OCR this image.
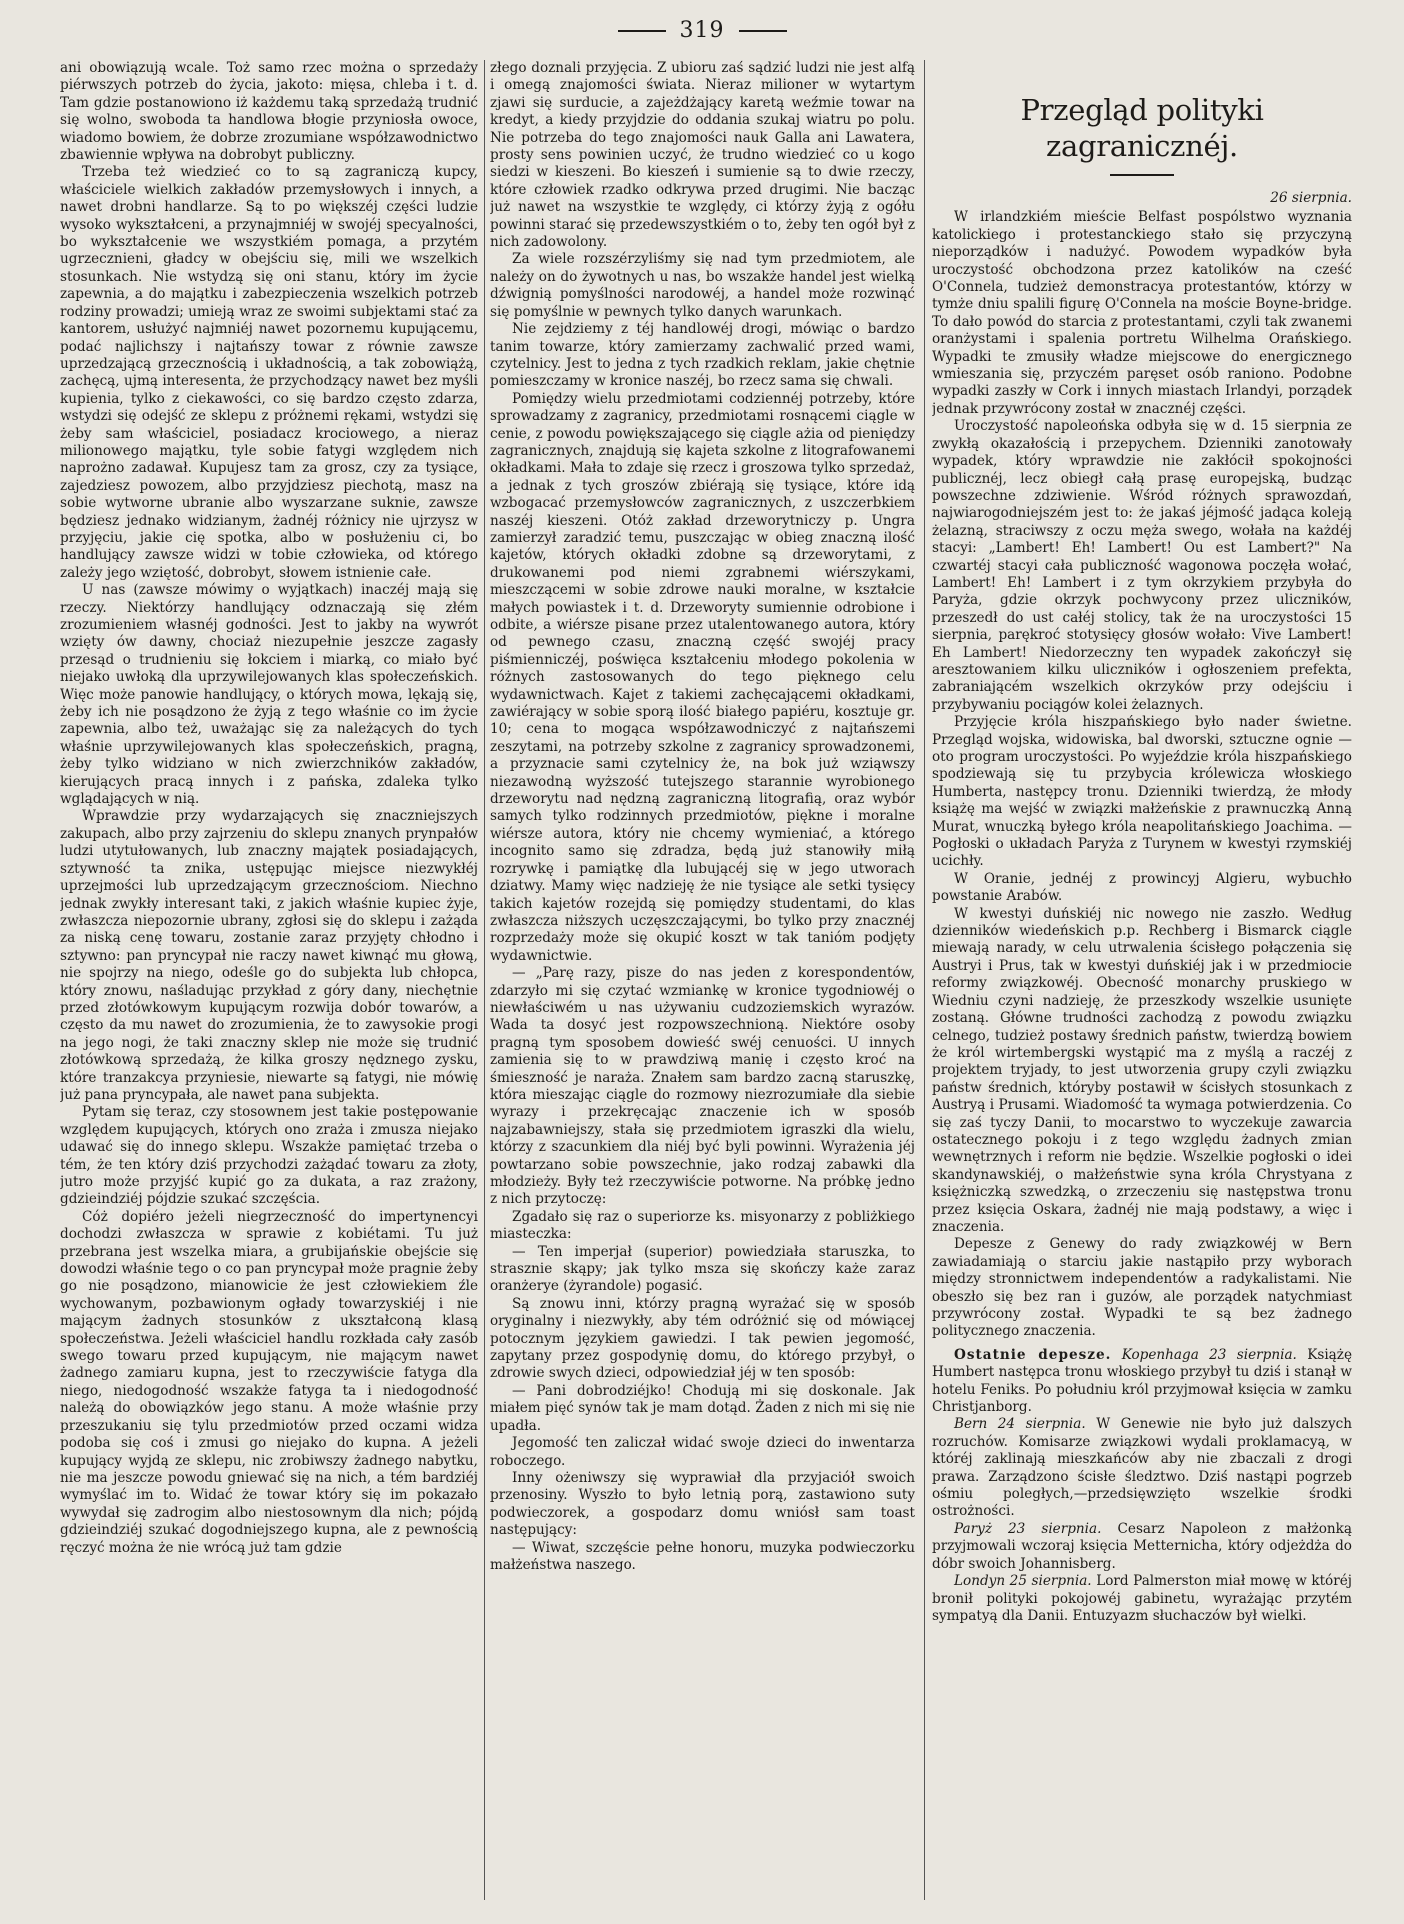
319

ani obowiązują wcale. Toż samo rzec można o sprzedaży piérwszych potrzeb do życia, jakoto: mięsa, chleba i t. d. Tam gdzie postanowiono iż każdemu taką sprzedażą trudnić się wolno, swoboda ta handlowa błogie przyniosła owoce, wiadomo bowiem, że dobrze zrozumiane współzawodnictwo zbawiennie wpływa na dobrobyt publiczny.

Trzeba też wiedzieć co to są zagraniczą kupcy, właściciele wielkich zakładów przemysłowych i innych, a nawet drobni handlarze. Są to po większéj części ludzie wysoko wykształceni, a przynajmniéj w swojéj specyalności, bo wykształcenie we wszystkiém pomaga, a przytém ugrzecznieni, gładcy w obejściu się, mili we wszelkich stosunkach. Nie wstydzą się oni stanu, który im życie zapewnia, a do majątku i zabezpieczenia wszelkich potrzeb rodziny prowadzi; umieją wraz ze swoimi subjektami stać za kantorem, usłużyć najmniéj nawet pozornemu kupującemu, podać najlichszy i najtańszy towar z równie zawsze uprzedzającą grzecznością i układnością, a tak zobowiążą, zachęcą, ujmą interesenta, że przychodzący nawet bez myśli kupienia, tylko z ciekawości, co się bardzo często zdarza, wstydzi się odejść ze sklepu z próżnemi rękami, wstydzi się żeby sam właściciel, posiadacz krociowego, a nieraz milionowego majątku, tyle sobie fatygi względem nich naprożno zadawał. Kupujesz tam za grosz, czy za tysiące, zajedziesz powozem, albo przyjdziesz piechotą, masz na sobie wytworne ubranie albo wyszarzane suknie, zawsze będziesz jednako widzianym, żadnéj różnicy nie ujrzysz w przyjęciu, jakie cię spotka, albo w posłużeniu ci, bo handlujący zawsze widzi w tobie człowieka, od którego zależy jego wziętość, dobrobyt, słowem istnienie całe.

U nas (zawsze mówimy o wyjątkach) inaczéj mają się rzeczy. Niektórzy handlujący odznaczają się złém zrozumieniem własnéj godności. Jest to jakby na wywrót wzięty ów dawny, chociaż niezupełnie jeszcze zagasły przesąd o trudnieniu się łokciem i miarką, co miało być niejako uwłoką dla uprzywilejowanych klas społeczeńskich. Więc może panowie handlujący, o których mowa, lękają się, żeby ich nie posądzono że żyją z tego właśnie co im życie zapewnia, albo też, uważając się za należących do tych właśnie uprzywilejowanych klas społeczeńskich, pragną, żeby tylko widziano w nich zwierzchników zakładów, kierujących pracą innych i z pańska, zdaleka tylko wglądających w nią.

Wprawdzie przy wydarzających się znaczniejszych zakupach, albo przy zajrzeniu do sklepu znanych prynpałów ludzi utytułowanych, lub znaczny majątek posiadających, sztywność ta znika, ustępując miejsce niezwykłéj uprzejmości lub uprzedzającym grzecznościom. Niechno jednak zwykły interesant taki, z jakich właśnie kupiec żyje, zwłaszcza niepozornie ubrany, zgłosi się do sklepu i zażąda za niską cenę towaru, zostanie zaraz przyjęty chłodno i sztywno: pan pryncypał nie raczy nawet kiwnąć mu głową, nie spojrzy na niego, odeśle go do subjekta lub chłopca, który znowu, naśladując przykład z góry dany, niechętnie przed złotówkowym kupującym rozwija dobór towarów, a często da mu nawet do zrozumienia, że to zawysokie progi na jego nogi, że taki znaczny sklep nie może się trudnić złotówkową sprzedażą, że kilka groszy nędznego zysku, które tranzakcya przyniesie, niewarte są fatygi, nie mówię już pana pryncypała, ale nawet pana subjekta.

Pytam się teraz, czy stosownem jest takie postępowanie względem kupujących, których ono zraża i zmusza niejako udawać się do innego sklepu. Wszakże pamiętać trzeba o tém, że ten który dziś przychodzi zażądać towaru za złoty, jutro może przyjść kupić go za dukata, a raz zrażony, gdzieindziéj pójdzie szukać szczęścia.

Cóż dopiéro jeżeli niegrzeczność do impertynencyi dochodzi zwłaszcza w sprawie z kobiétami. Tu już przebrana jest wszelka miara, a grubijańskie obejście się dowodzi właśnie tego o co pan pryncypał może pragnie żeby go nie posądzono, mianowicie że jest człowiekiem źle wychowanym, pozbawionym ogłady towarzyskiéj i nie mającym żadnych stosunków z ukształconą klasą społeczeństwa. Jeżeli właściciel handlu rozkłada cały zasób swego towaru przed kupującym, nie mającym nawet żadnego zamiaru kupna, jest to rzeczywiście fatyga dla niego, niedogodność wszakże fatyga ta i niedogodność należą do obowiązków jego stanu. A może właśnie przy przeszukaniu się tylu przedmiotów przed oczami widza podoba się coś i zmusi go niejako do kupna. A jeżeli kupujący wyjdą ze sklepu, nic zrobiwszy żadnego nabytku, nie ma jeszcze powodu gniewać się na nich, a tém bardziéj wymyślać im to. Widać że towar który się im pokazało wywydał się zadrogim albo niestosownym dla nich; pójdą gdzieindziéj szukać dogodniejszego kupna, ale z pewnością ręczyć można że nie wrócą już tam gdzie

złego doznali przyjęcia. Z ubioru zaś sądzić ludzi nie jest alfą i omegą znajomości świata. Nieraz milioner w wytartym zjawi się surducie, a zajeżdżający karetą weźmie towar na kredyt, a kiedy przyjdzie do oddania szukaj wiatru po polu. Nie potrzeba do tego znajomości nauk Galla ani Lawatera, prosty sens powinien uczyć, że trudno wiedzieć co u kogo siedzi w kieszeni. Bo kieszeń i sumienie są to dwie rzeczy, które człowiek rzadko odkrywa przed drugimi. Nie bacząc już nawet na wszystkie te względy, ci którzy żyją z ogółu powinni starać się przedewszystkiém o to, żeby ten ogół był z nich zadowolony.

Za wiele rozszérzyliśmy się nad tym przedmiotem, ale należy on do żywotnych u nas, bo wszakże handel jest wielką dźwignią pomyślności narodowéj, a handel może rozwinąć się pomyślnie w pewnych tylko danych warunkach.

Nie zejdziemy z téj handlowéj drogi, mówiąc o bardzo tanim towarze, który zamierzamy zachwalić przed wami, czytelnicy. Jest to jedna z tych rzadkich reklam, jakie chętnie pomieszczamy w kronice naszéj, bo rzecz sama się chwali.

Pomiędzy wielu przedmiotami codziennéj potrzeby, które sprowadzamy z zagranicy, przedmiotami rosnącemi ciągle w cenie, z powodu powiększającego się ciągle ażia od pieniędzy zagranicznych, znajdują się kajeta szkolne z litografowanemi okładkami. Mała to zdaje się rzecz i groszowa tylko sprzedaż, a jednak z tych groszów zbiérają się tysiące, które idą wzbogacać przemysłowców zagranicznych, z uszczerbkiem naszéj kieszeni. Otóż zakład drzeworytniczy p. Ungra zamierzył zaradzić temu, puszczając w obieg znaczną ilość kajetów, których okładki zdobne są drzeworytami, z drukowanemi pod niemi zgrabnemi wiérszykami, mieszczącemi w sobie zdrowe nauki moralne, w kształcie małych powiastek i t. d. Drzeworyty sumiennie odrobione i odbite, a wiérsze pisane przez utalentowanego autora, który od pewnego czasu, znaczną część swojéj pracy piśmienniczéj, poświęca kształceniu młodego pokolenia w różnych zastosowanych do tego pięknego celu wydawnictwach. Kajet z takiemi zachęcającemi okładkami, zawiérający w sobie sporą ilość białego papiéru, kosztuje gr. 10; cena to mogąca współzawodniczyć z najtańszemi zeszytami, na potrzeby szkolne z zagranicy sprowadzonemi, a przyznacie sami czytelnicy że, na bok już wziąwszy niezawodną wyższość tutejszego starannie wyrobionego drzeworytu nad nędzną zagraniczną litografią, oraz wybór samych tylko rodzinnych przedmiotów, piękne i moralne wiérsze autora, który nie chcemy wymieniać, a którego incognito samo się zdradza, będą już stanowiły miłą rozrywkę i pamiątkę dla lubującéj się w jego utworach dziatwy. Mamy więc nadzieję że nie tysiące ale setki tysięcy takich kajetów rozejdą się pomiędzy studentami, do klas zwłaszcza niższych uczęszczającymi, bo tylko przy znacznéj rozprzedaży może się okupić koszt w tak tanióm podjęty wydawnictwie.

— „Parę razy, pisze do nas jeden z korespondentów, zdarzyło mi się czytać wzmiankę w kronice tygodniowéj o niewłaściwém u nas używaniu cudzoziemskich wyrazów. Wada ta dosyć jest rozpowszechnioną. Niektóre osoby pragną tym sposobem dowieść swéj cenuości. U innych zamienia się to w prawdziwą manię i często kroć na śmieszność je naraża. Znałem sam bardzo zacną staruszkę, która mieszając ciągle do rozmowy niezrozumiałe dla siebie wyrazy i przekręcając znaczenie ich w sposób najzabawniejszy, stała się przedmiotem igraszki dla wielu, którzy z szacunkiem dla niéj być byli powinni. Wyrażenia jéj powtarzano sobie powszechnie, jako rodzaj zabawki dla młodzieży. Były też rzeczywiście potworne. Na próbkę jedno z nich przytoczę:

Zgadało się raz o superiorze ks. misyonarzy z pobliżkiego miasteczka:

— Ten imperjał (superior) powiedziała staruszka, to strasznie skąpy; jak tylko msza się skończy każe zaraz oranżerye (żyrandole) pogasić.

Są znowu inni, którzy pragną wyrażać się w sposób oryginalny i niezwykły, aby tém odróżnić się od mówiącej potocznym językiem gawiedzi. I tak pewien jegomość, zapytany przez gospodynię domu, do którego przybył, o zdrowie swych dzieci, odpowiedział jéj w ten sposób:

— Pani dobrodziéjko! Chodują mi się doskonale. Jak miałem pięć synów tak je mam dotąd. Żaden z nich mi się nie upadła.

Jegomość ten zaliczał widać swoje dzieci do inwentarza roboczego.

Inny ożeniwszy się wyprawiał dla przyjaciół swoich przenosiny. Wyszło to było letnią porą, zastawiono suty podwieczorek, a gospodarz domu wniósł sam toast następujący:

— Wiwat, szczęście pełne honoru, muzyka podwieczorku małżeństwa naszego.

Przegląd polityki zagranicznéj.
26 sierpnia.

W irlandzkiém mieście Belfast pospólstwo wyznania katolickiego i protestanckiego stało się przyczyną nieporządków i nadużyć. Powodem wypadków była uroczystość obchodzona przez katolików na cześć O'Connela, tudzież demonstracya protestantów, którzy w tymże dniu spalili figurę O'Connela na moście Boyne-bridge. To dało powód do starcia z protestantami, czyli tak zwanemi oranżystami i spalenia portretu Wilhelma Orańskiego. Wypadki te zmusiły władze miejscowe do energicznego wmieszania się, przyczém paręset osób raniono. Podobne wypadki zaszły w Cork i innych miastach Irlandyi, porządek jednak przywrócony został w znacznéj części.

Uroczystość napoleońska odbyła się w d. 15 sierpnia ze zwykłą okazałością i przepychem. Dzienniki zanotowały wypadek, który wprawdzie nie zakłócił spokojności publicznéj, lecz obiegł całą prasę europejską, budząc powszechne zdziwienie. Wśród różnych sprawozdań, najwiarogodniejszém jest to: że jakaś jéjmość jadąca koleją żelazną, straciwszy z oczu męża swego, wołała na każdéj stacyi: „Lambert! Eh! Lambert! Ou est Lambert?" Na czwartéj stacyi cała publiczność wagonowa poczęła wołać, Lambert! Eh! Lambert i z tym okrzykiem przybyła do Paryża, gdzie okrzyk pochwycony przez uliczników, przeszedł do ust całéj stolicy, tak że na uroczystości 15 sierpnia, parękroć stotysięcy głosów wołało: Vive Lambert! Eh Lambert! Niedorzeczny ten wypadek zakończył się aresztowaniem kilku uliczników i ogłoszeniem prefekta, zabraniającém wszelkich okrzyków przy odejściu i przybywaniu pociągów kolei żelaznych.

Przyjęcie króla hiszpańskiego było nader świetne. Przegląd wojska, widowiska, bal dworski, sztuczne ognie — oto program uroczystości. Po wyjeździe króla hiszpańskiego spodziewają się tu przybycia królewicza włoskiego Humberta, następcy tronu. Dzienniki twierdzą, że młody książę ma wejść w związki małżeńskie z prawnuczką Anną Murat, wnuczką byłego króla neapolitańskiego Joachima. — Pogłoski o układach Paryża z Turynem w kwestyi rzymskiéj ucichły.

W Oranie, jednéj z prowincyj Algieru, wybuchło powstanie Arabów.

W kwestyi duńskiéj nic nowego nie zaszło. Według dzienników wiedeńskich p.p. Rechberg i Bismarck ciągle miewają narady, w celu utrwalenia ścisłego połączenia się Austryi i Prus, tak w kwestyi duńskiéj jak i w przedmiocie reformy związkowéj. Obecność monarchy pruskiego w Wiedniu czyni nadzieję, że przeszkody wszelkie usunięte zostaną. Główne trudności zachodzą z powodu związku celnego, tudzież postawy średnich państw, twierdzą bowiem że król wirtembergski wystąpić ma z myślą a raczéj z projektem tryjady, to jest utworzenia grupy czyli związku państw średnich, któryby postawił w ścisłych stosunkach z Austryą i Prusami. Wiadomość ta wymaga potwierdzenia. Co się zaś tyczy Danii, to mocarstwo to wyczekuje zawarcia ostatecznego pokoju i z tego względu żadnych zmian wewnętrznych i reform nie będzie. Wszelkie pogłoski o idei skandynawskiéj, o małżeństwie syna króla Chrystyana z księżniczką szwedzką, o zrzeczeniu się następstwa tronu przez księcia Oskara, żadnéj nie mają podstawy, a więc i znaczenia.

Depesze z Genewy do rady związkowéj w Bern zawiadamiają o starciu jakie nastąpiło przy wyborach między stronnictwem independentów a radykalistami. Nie obeszło się bez ran i guzów, ale porządek natychmiast przywrócony został. Wypadki te są bez żadnego politycznego znaczenia.

Ostatnie depesze. Kopenhaga 23 sierpnia. Książę Humbert następca tronu włoskiego przybył tu dziś i stanął w hotelu Feniks. Po południu król przyjmował księcia w zamku Christjanborg.

Bern 24 sierpnia. W Genewie nie było już dalszych rozruchów. Komisarze związkowi wydali proklamacyą, w któréj zaklinają mieszkańców aby nie zbaczali z drogi prawa. Zarządzono ścisłe śledztwo. Dziś nastąpi pogrzeb ośmiu poległych,—przedsięwzięto wszelkie środki ostrożności.

Paryż 23 sierpnia. Cesarz Napoleon z małżonką przyjmowali wczoraj księcia Metternicha, który odjeżdża do dóbr swoich Johannisberg.

Londyn 25 sierpnia. Lord Palmerston miał mowę w któréj bronił polityki pokojowéj gabinetu, wyrażając przytém sympatyą dla Danii. Entuzyazm słuchaczów był wielki.
